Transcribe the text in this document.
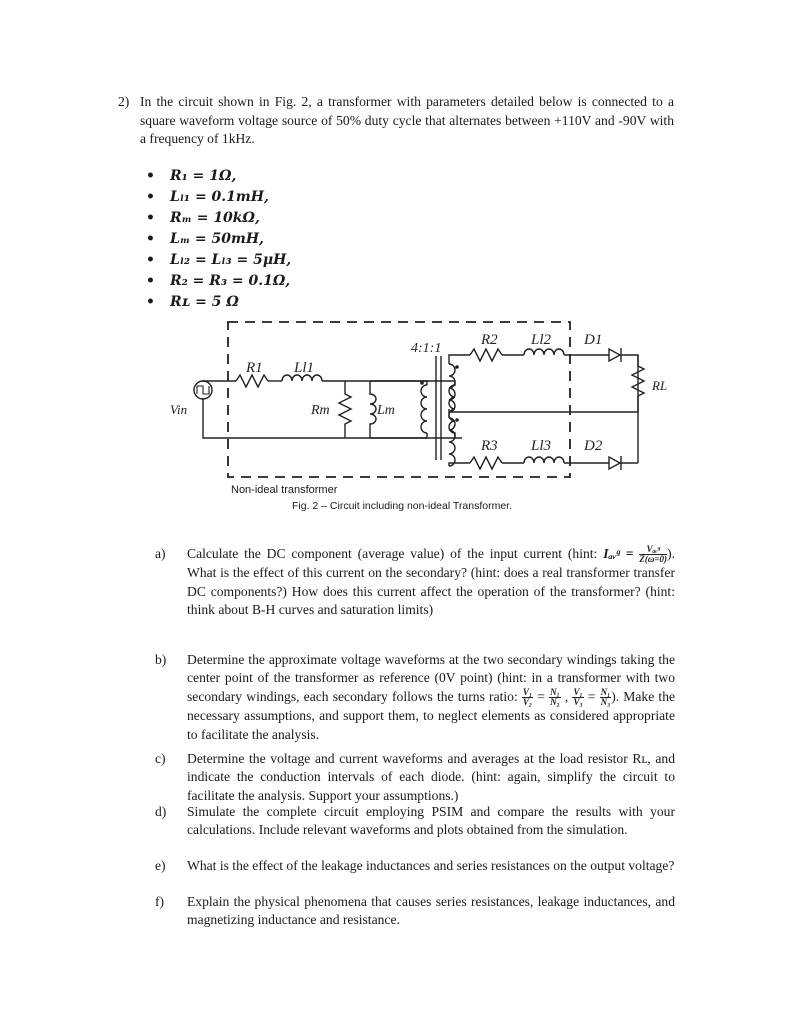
2) In the circuit shown in Fig. 2, a transformer with parameters detailed below is connected to a square waveform voltage source of 50% duty cycle that alternates between +110V and -90V with a frequency of 1kHz.
• R₁ = 1Ω,
• Lₗ₁ = 0.1mH,
• Rₘ = 10kΩ,
• Lₘ = 50mH,
• Lₗ₂ = Lₗ₃ = 5μH,
• R₂ = R₃ = 0.1Ω,
• Rʟ = 5 Ω
4:1:1
R1 Ll1
Rm	Lm
Vin
R2 Ll2 D1
RL
R3 Ll3 D2
Non-ideal transformer
Fig. 2 – Circuit including non-ideal Transformer.
a) Calculate the DC component (average value) of the input current (hint: Iₐᵥᵍ = $\frac{\text{Vₐᵥᵍ}}{Z(\omega=0)}$ ). What is the effect of this current on the secondary? (hint: does a real transformer transfer DC components?) How does this current affect the operation of the transformer? (hint: think about B-H curves and saturation limits)
b) Determine the approximate voltage waveforms at the two secondary windings taking the center point of the transformer as reference (0V point) (hint: in a transformer with two secondary windings, each secondary follows the turns ratio: $\frac{\text{V₁}}{\text{V₂}} = \frac{\text{N₁}}{\text{N₂}}$ , $\frac{\text{V₁}}{\text{V₃}} = \frac{\text{N₁}}{\text{N₃}}$ ). Make the necessary assumptions, and support them, to neglect elements as considered appropriate to facilitate the analysis.
c) Determine the voltage and current waveforms and averages at the load resistor Rʟ, and indicate the conduction intervals of each diode. (hint: again, simplify the circuit to facilitate the analysis. Support your assumptions.)
d) Simulate the complete circuit employing PSIM and compare the results with your calculations. Include relevant waveforms and plots obtained from the simulation.
e) What is the effect of the leakage inductances and series resistances on the output voltage?
f) Explain the physical phenomena that causes series resistances, leakage inductances, and magnetizing inductance and resistance.
